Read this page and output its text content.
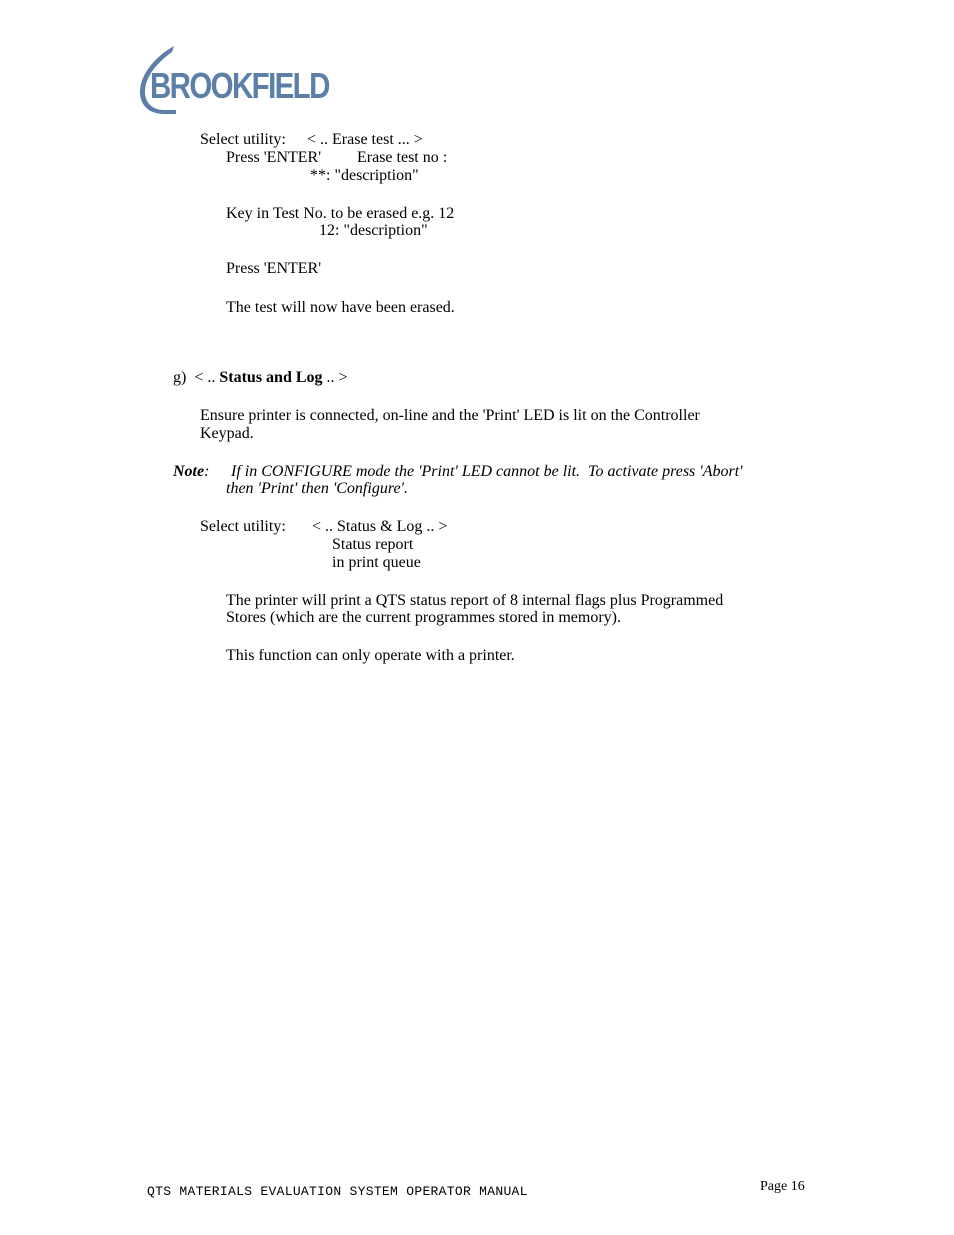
BROOKFIELD
Select utility: < .. Erase test ... >
Press 'ENTER' Erase test no :
**: "description"
Key in Test No. to be erased e.g. 12
12: "description"
Press 'ENTER'
The test will now have been erased.
g) < .. Status and Log .. >
Ensure printer is connected, on-line and the 'Print' LED is lit on the Controller
Keypad.
Note: If in CONFIGURE mode the 'Print' LED cannot be lit.  To activate press 'Abort'
then 'Print' then 'Configure'.
Select utility: < .. Status & Log .. >
Status report
in print queue
The printer will print a QTS status report of 8 internal flags plus Programmed
Stores (which are the current programmes stored in memory).
This function can only operate with a printer.
QTS MATERIALS EVALUATION SYSTEM OPERATOR MANUAL	Page 16
